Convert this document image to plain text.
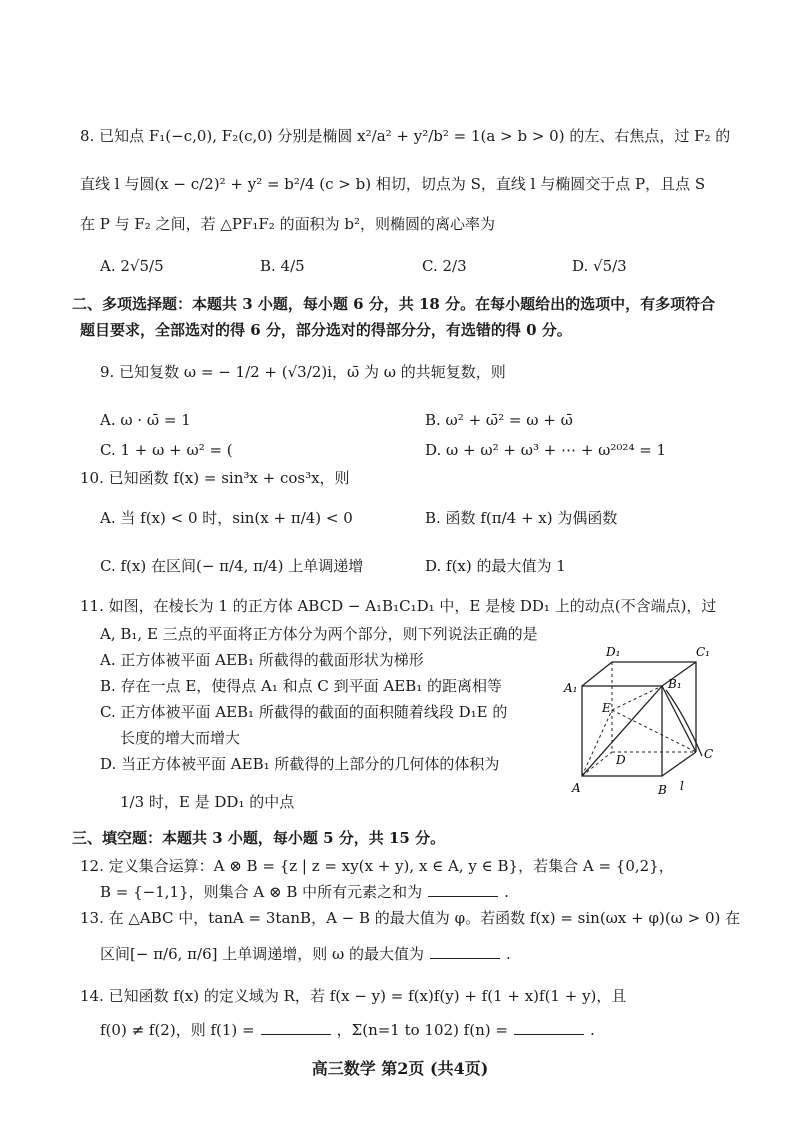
8. 已知点 F₁(−c,0), F₂(c,0) 分别是椭圆 x²/a² + y²/b² = 1(a > b > 0) 的左、右焦点，过 F₂ 的
直线 l 与圆(x − c/2)² + y² = b²/4 (c > b) 相切，切点为 S，直线 l 与椭圆交于点 P，且点 S
在 P 与 F₂ 之间，若 △PF₁F₂ 的面积为 b²，则椭圆的离心率为
A. 2√5/5	B. 4/5	C. 2/3	D. √5/3
二、多项选择题：本题共 3 小题，每小题 6 分，共 18 分。在每小题给出的选项中，有多项符合
题目要求，全部选对的得 6 分，部分选对的得部分分，有选错的得 0 分。
9. 已知复数 ω = − 1/2 + (√3/2)i，ω̄ 为 ω 的共轭复数，则
A. ω · ω̄ = 1	B. ω² + ω̄² = ω + ω̄
C. 1 + ω + ω² = (	D. ω + ω² + ω³ + ⋯ + ω²⁰²⁴ = 1
10. 已知函数 f(x) = sin³x + cos³x，则
A. 当 f(x) < 0 时，sin(x + π/4) < 0	B. 函数 f(π/4 + x) 为偶函数
C. f(x) 在区间(− π/4, π/4) 上单调递增	D. f(x) 的最大值为 1
11. 如图，在棱长为 1 的正方体 ABCD − A₁B₁C₁D₁ 中，E 是棱 DD₁ 上的动点(不含端点)，过
A, B₁, E 三点的平面将正方体分为两个部分，则下列说法正确的是
A. 正方体被平面 AEB₁ 所截得的截面形状为梯形
B. 存在一点 E，使得点 A₁ 和点 C 到平面 AEB₁ 的距离相等
C. 正方体被平面 AEB₁ 所截得的截面的面积随着线段 D₁E 的
长度的增大而增大
D. 当正方体被平面 AEB₁ 所截得的上部分的几何体的体积为
1/3 时，E 是 DD₁ 的中点
D₁	C₁
A₁	B₁
E
D	C
A	B l
三、填空题：本题共 3 小题，每小题 5 分，共 15 分。
12. 定义集合运算：A ⊗ B = {z | z = xy(x + y), x ∈ A, y ∈ B}，若集合 A = {0,2}，
B = {−1,1}，则集合 A ⊗ B 中所有元素之和为	.
13. 在 △ABC 中，tanA = 3tanB，A − B 的最大值为 φ。若函数 f(x) = sin(ωx + φ)(ω > 0) 在
区间[− π/6, π/6] 上单调递增，则 ω 的最大值为	.
14. 已知函数 f(x) 的定义域为 R，若 f(x − y) = f(x)f(y) + f(1 + x)f(1 + y)，且
f(0) ≠ f(2)，则 f(1) =	，Σ(n=1 to 102) f(n) =	.
高三数学 第2页 (共4页)
